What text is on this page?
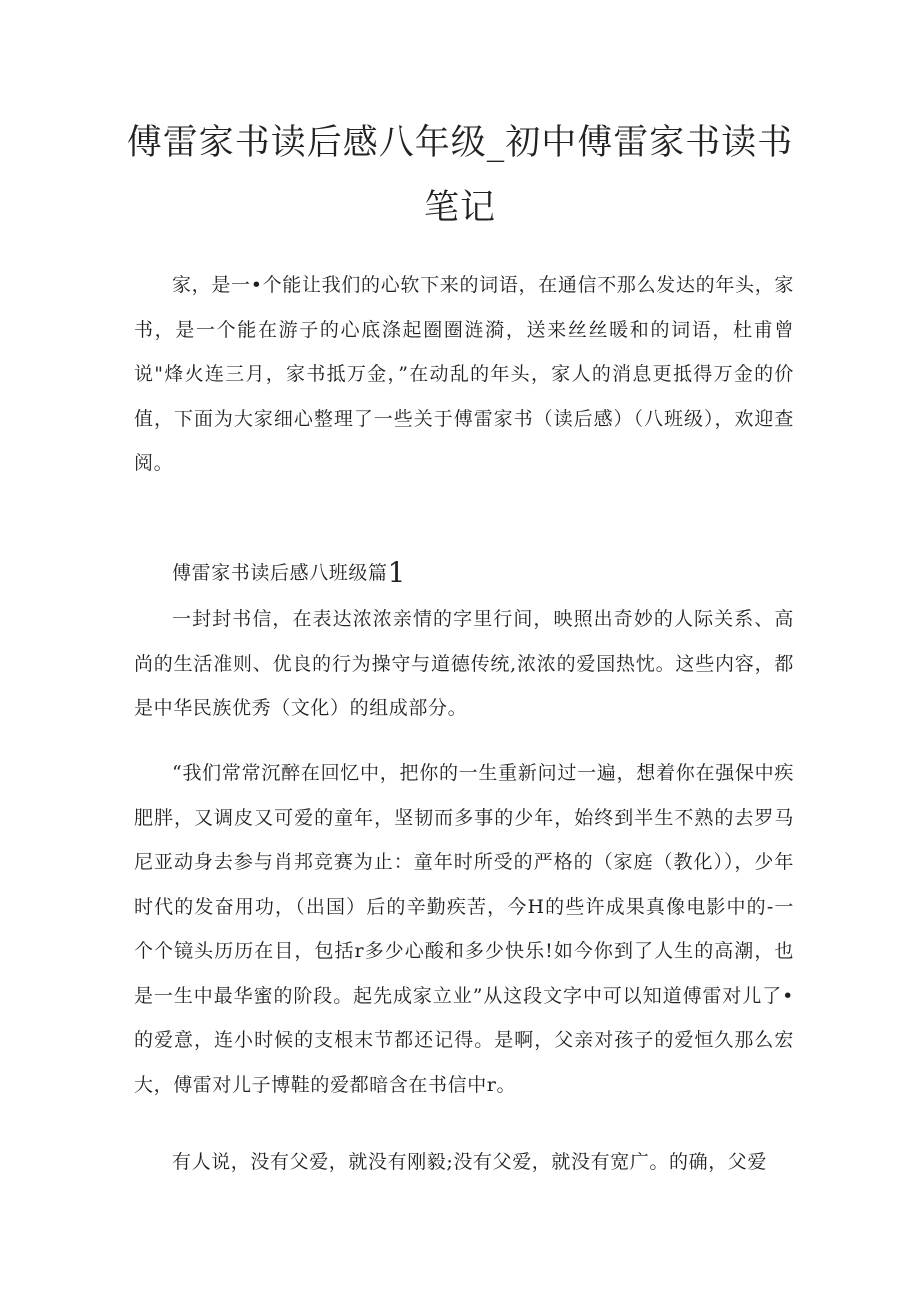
傅雷家书读后感八年级_初中傅雷家书读书
笔记

家，是一•个能让我们的心软下来的词语，在通信不那么发达的年头，家书，是一个能在游子的心底涤起圈圈涟漪，送来丝丝暖和的词语，杜甫曾说"烽火连三月，家书抵万金，”在动乱的年头，家人的消息更抵得万金的价值，下面为大家细心整理了一些关于傅雷家书（读后感）（八班级），欢迎查阅。

傅雷家书读后感八班级篇1

一封封书信，在表达浓浓亲情的字里行间，映照出奇妙的人际关系、高尚的生活准则、优良的行为操守与道德传统,浓浓的爱国热忱。这些内容，都是中华民族优秀（文化）的组成部分。

“我们常常沉醉在回忆中，把你的一生重新问过一遍，想着你在强保中疾肥胖，又调皮又可爱的童年，坚韧而多事的少年，始终到半生不熟的去罗马尼亚动身去参与肖邦竞赛为止：童年时所受的严格的（家庭（教化）），少年时代的发奋用功，（出国）后的辛勤疾苦，今H的些许成果真像电影中的-一个个镜头历历在目，包括r多少心酸和多少快乐!如今你到了人生的高潮，也是一生中最华蜜的阶段。起先成家立业”从这段文字中可以知道傅雷对儿了•的爱意，连小时候的支根末节都还记得。是啊，父亲对孩子的爱恒久那么宏大，傅雷对儿子博鞋的爱都暗含在书信中r。

有人说，没有父爱，就没有刚毅;没有父爱，就没有宽广。的确，父爱
